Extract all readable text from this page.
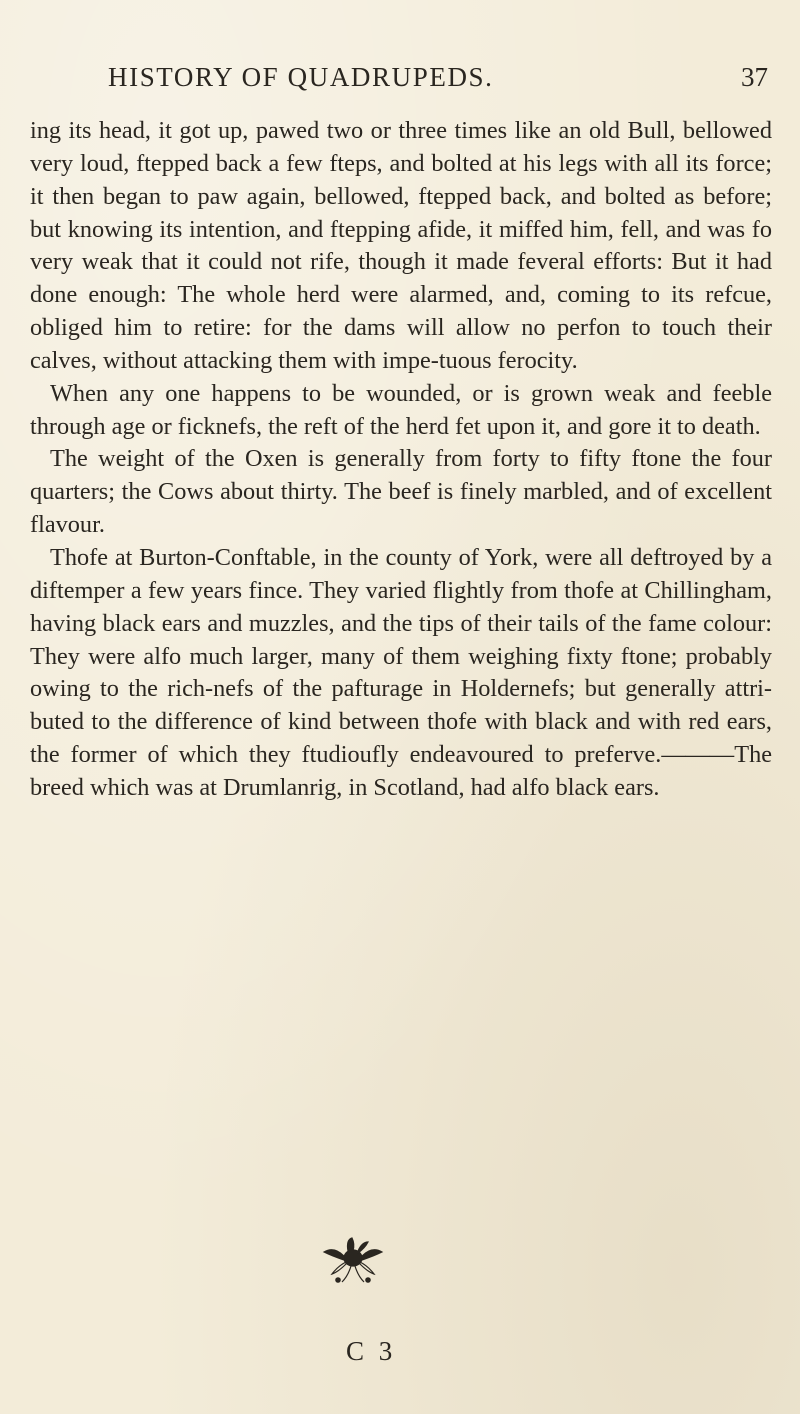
HISTORY OF QUADRUPEDS.	37

ing its head, it got up, pawed two or three times like an old Bull, bellowed very loud, ftepped back a few fteps, and bolted at his legs with all its force; it then began to paw again, bellowed, ftepped back, and bolted as before; but knowing its intention, and ftepping afide, it miffed him, fell, and was fo very weak that it could not rife, though it made feveral efforts: But it had done enough: The whole herd were alarmed, and, coming to its refcue, obliged him to retire: for the dams will allow no perfon to touch their calves, without attacking them with impe-tuous ferocity.

When any one happens to be wounded, or is grown weak and feeble through age or ficknefs, the reft of the herd fet upon it, and gore it to death.

The weight of the Oxen is generally from forty to fifty ftone the four quarters; the Cows about thirty. The beef is finely marbled, and of excellent flavour.

Thofe at Burton-Conftable, in the county of York, were all deftroyed by a diftemper a few years fince. They varied flightly from thofe at Chillingham, having black ears and muzzles, and the tips of their tails of the fame colour: They were alfo much larger, many of them weighing fixty ftone; probably owing to the rich-nefs of the pafturage in Holdernefs; but generally attri-buted to the difference of kind between thofe with black and with red ears, the former of which they ftudioufly endeavoured to preferve.———The breed which was at Drumlanrig, in Scotland, had alfo black ears.

C 3
